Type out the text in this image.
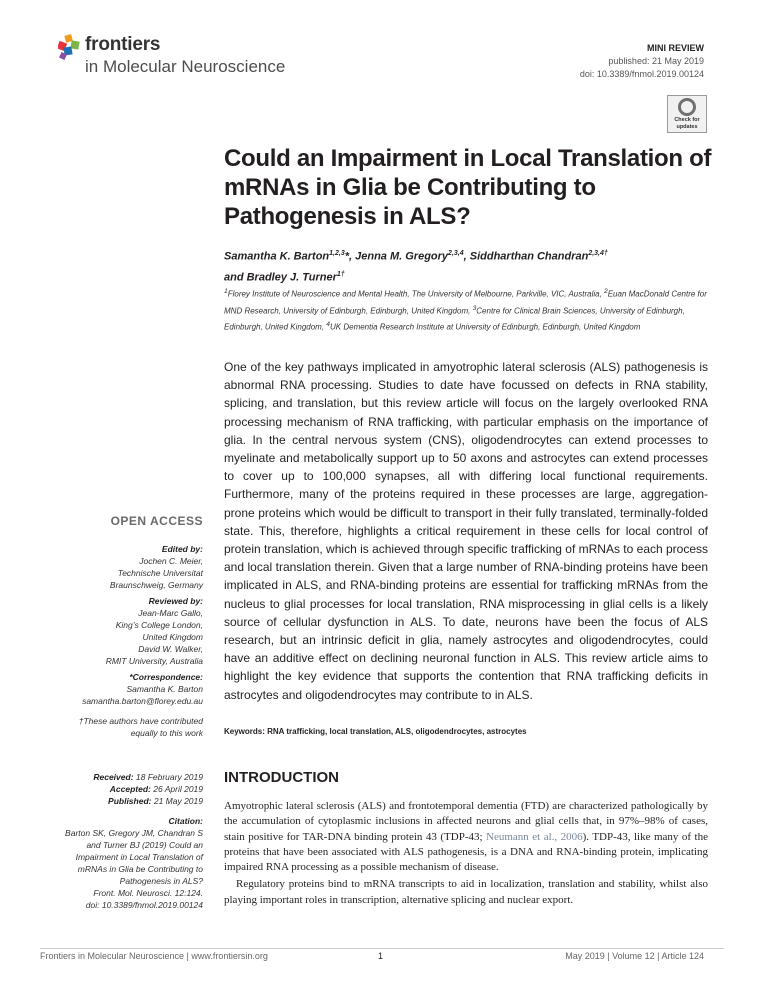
frontiers
in Molecular Neuroscience
MINI REVIEW
published: 21 May 2019
doi: 10.3389/fnmol.2019.00124
Check for
updates
Could an Impairment in Local Translation of mRNAs in Glia be Contributing to Pathogenesis in ALS?
Samantha K. Barton$^{1,2,3}$*, Jenna M. Gregory$^{2,3,4}$, Siddharthan Chandran$^{2,3,4\dagger}$
and Bradley J. Turner$^{1\dagger}$
$^1$Florey Institute of Neuroscience and Mental Health, The University of Melbourne, Parkville, VIC, Australia, $^2$Euan MacDonald Centre for MND Research, University of Edinburgh, Edinburgh, United Kingdom, $^3$Centre for Clinical Brain Sciences, University of Edinburgh, Edinburgh, United Kingdom, $^4$UK Dementia Research Institute at University of Edinburgh, Edinburgh, United Kingdom
One of the key pathways implicated in amyotrophic lateral sclerosis (ALS) pathogenesis is abnormal RNA processing. Studies to date have focussed on defects in RNA stability, splicing, and translation, but this review article will focus on the largely overlooked RNA processing mechanism of RNA trafficking, with particular emphasis on the importance of glia. In the central nervous system (CNS), oligodendrocytes can extend processes to myelinate and metabolically support up to 50 axons and astrocytes can extend processes to cover up to 100,000 synapses, all with differing local functional requirements. Furthermore, many of the proteins required in these processes are large, aggregation-prone proteins which would be difficult to transport in their fully translated, terminally-folded state. This, therefore, highlights a critical requirement in these cells for local control of protein translation, which is achieved through specific trafficking of mRNAs to each process and local translation therein. Given that a large number of RNA-binding proteins have been implicated in ALS, and RNA-binding proteins are essential for trafficking mRNAs from the nucleus to glial processes for local translation, RNA misprocessing in glial cells is a likely source of cellular dysfunction in ALS. To date, neurons have been the focus of ALS research, but an intrinsic deficit in glia, namely astrocytes and oligodendrocytes, could have an additive effect on declining neuronal function in ALS. This review article aims to highlight the key evidence that supports the contention that RNA trafficking deficits in astrocytes and oligodendrocytes may contribute to in ALS.
Keywords: RNA trafficking, local translation, ALS, oligodendrocytes, astrocytes
OPEN ACCESS
Edited by:
Jochen C. Meier,
Technische Universitat
Braunschweig, Germany
Reviewed by:
Jean-Marc Gallo,
King’s College London,
United Kingdom
David W. Walker,
RMIT University, Australia
*Correspondence:
Samantha K. Barton
samantha.barton@florey.edu.au
†These authors have contributed
equally to this work
Received: 18 February 2019
Accepted: 26 April 2019
Published: 21 May 2019
Citation:
Barton SK, Gregory JM, Chandran S
and Turner BJ (2019) Could an
Impairment in Local Translation of
mRNAs in Glia be Contributing to
Pathogenesis in ALS?
Front. Mol. Neurosci. 12:124.
doi: 10.3389/fnmol.2019.00124
INTRODUCTION

Amyotrophic lateral sclerosis (ALS) and frontotemporal dementia (FTD) are characterized pathologically by the accumulation of cytoplasmic inclusions in affected neurons and glial cells that, in 97%–98% of cases, stain positive for TAR-DNA binding protein 43 (TDP-43; Neumann et al., 2006). TDP-43, like many of the proteins that have been associated with ALS pathogenesis, is a DNA and RNA-binding protein, implicating impaired RNA processing as a possible mechanism of disease.

Regulatory proteins bind to mRNA transcripts to aid in localization, translation and stability, whilst also playing important roles in transcription, alternative splicing and nuclear export.

Frontiers in Molecular Neuroscience | www.frontiersin.org	1	May 2019 | Volume 12 | Article 124
